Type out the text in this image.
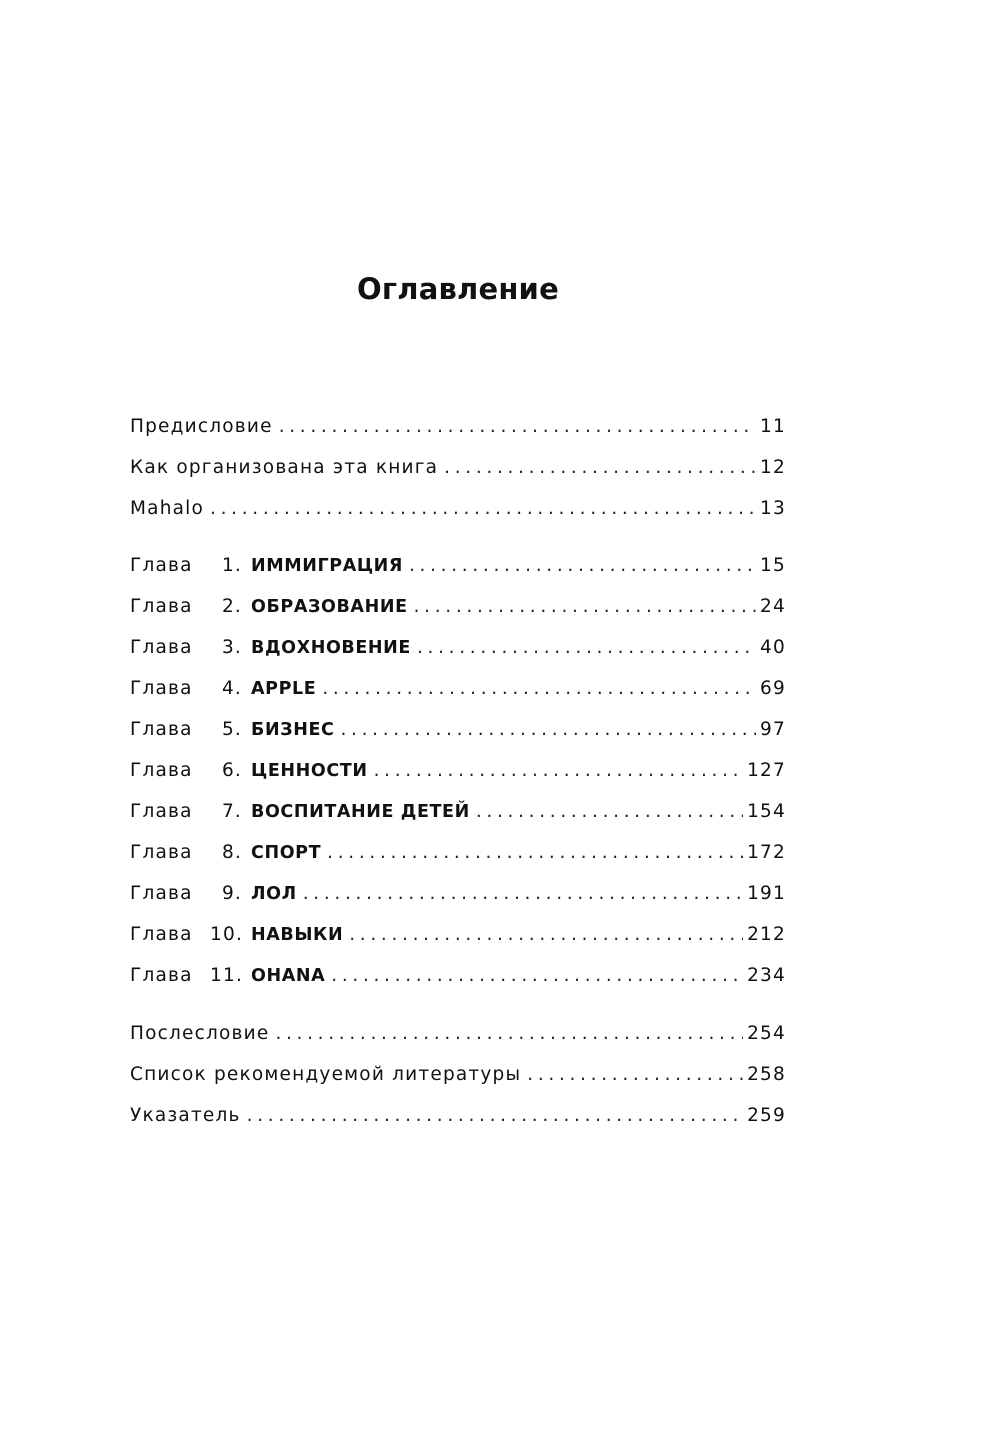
Оглавление
Предисловие . . .	11
Как организована эта книга . . .	12
Mahalo . . .	13
Глава 1. ИММИГРАЦИЯ . . .	15
Глава 2. ОБРАЗОВАНИЕ . . .	24
Глава 3. ВДОХНОВЕНИЕ . . .	40
Глава 4. APPLE . . .	69
Глава 5. БИЗНЕС . . .	97
Глава 6. ЦЕННОСТИ . . .	127
Глава 7. ВОСПИТАНИЕ ДЕТЕЙ . . .	154
Глава 8. СПОРТ . . .	172
Глава 9. ЛОЛ . . .	191
Глава 10. НАВЫКИ . . .	212
Глава 11. OHANA . . .	234
Послесловие . . .	254
Список рекомендуемой литературы . . .	258
Указатель . . .	259
